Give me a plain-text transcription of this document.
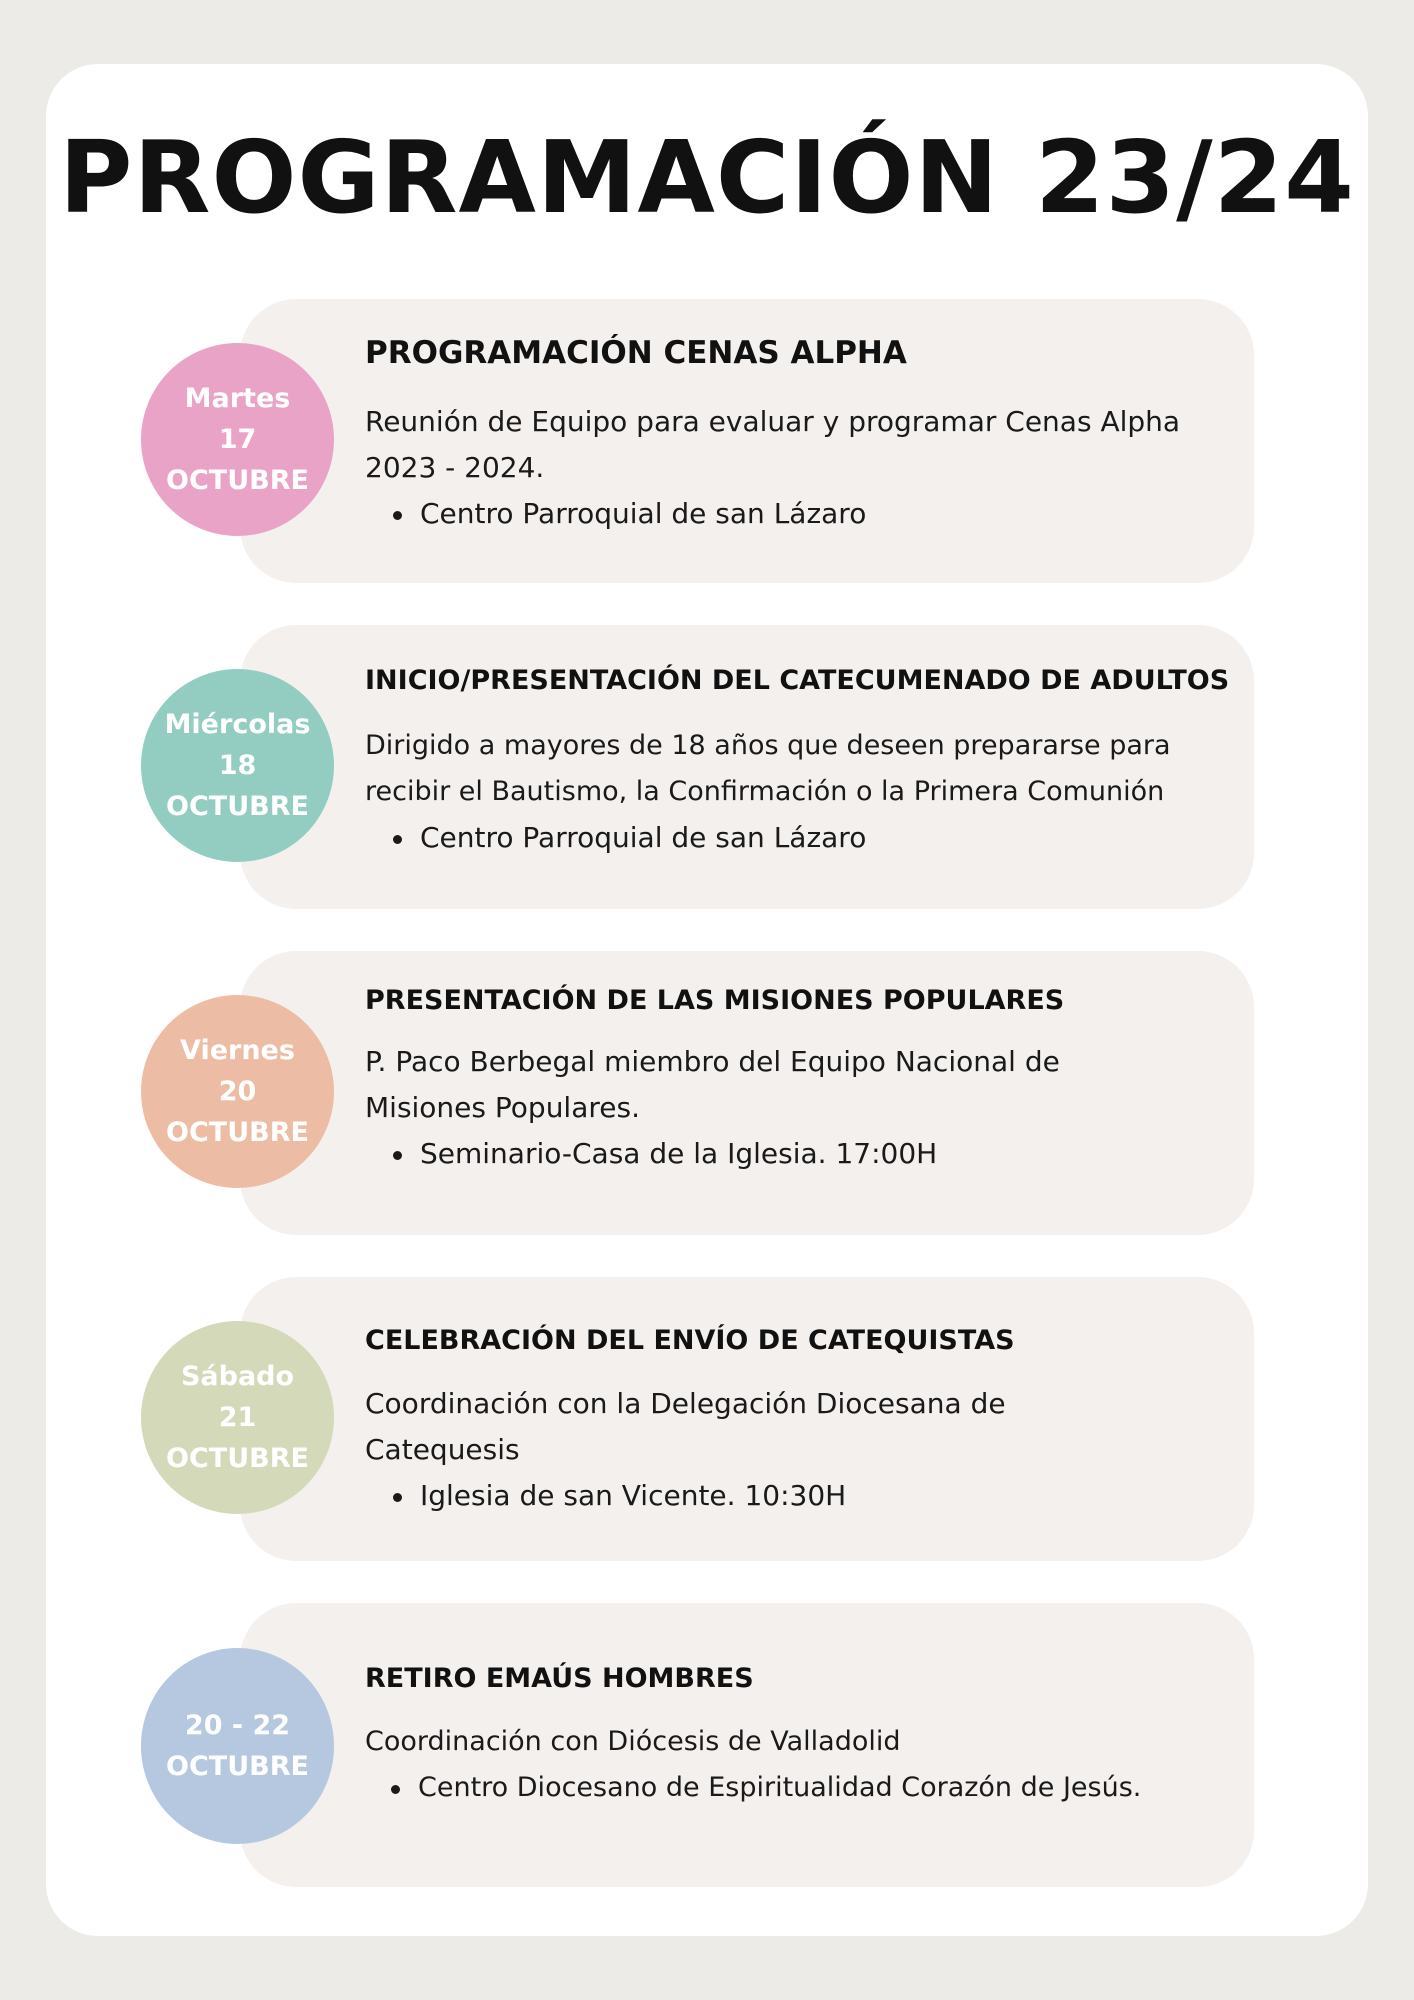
PROGRAMACIÓN 23/24
Martes
17
OCTUBRE
PROGRAMACIÓN CENAS ALPHA

Reunión de Equipo para evaluar y programar Cenas Alpha 2023 - 2024.

Centro Parroquial de san Lázaro
Miércolas
18
OCTUBRE
INICIO/PRESENTACIÓN DEL CATECUMENADO DE ADULTOS

Dirigido a mayores de 18 años que deseen prepararse para recibir el Bautismo, la Confirmación o la Primera Comunión

Centro Parroquial de san Lázaro
Viernes
20
OCTUBRE
PRESENTACIÓN DE LAS MISIONES POPULARES

P. Paco Berbegal miembro del Equipo Nacional de Misiones Populares.

Seminario-Casa de la Iglesia. 17:00H
Sábado
21
OCTUBRE
CELEBRACIÓN DEL ENVÍO DE CATEQUISTAS

Coordinación con la Delegación Diocesana de Catequesis

Iglesia de san Vicente. 10:30H
20 - 22
OCTUBRE
RETIRO EMAÚS HOMBRES

Coordinación con Diócesis de Valladolid

Centro Diocesano de Espiritualidad Corazón de Jesús.
